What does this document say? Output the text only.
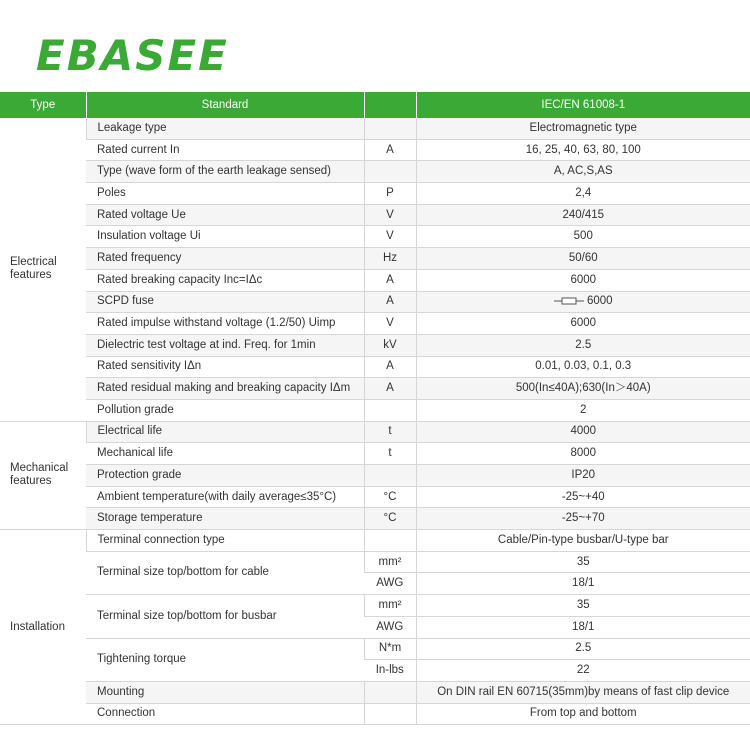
EBASEE
Type	Standard		IEC/EN 61008-1
Electrical features	Leakage type		Electromagnetic type
	Rated current In	A	16, 25, 40, 63, 80, 100
	Type (wave form of the earth leakage sensed)		A, AC,S,AS
	Poles	P	2,4
	Rated voltage Ue	V	240/415
	Insulation voltage Ui	V	500
	Rated frequency	Hz	50/60
	Rated breaking capacity Inc=IΔc	A	6000
	SCPD fuse	A	6000
	Rated impulse withstand voltage (1.2/50) Uimp	V	6000
	Dielectric test voltage at ind. Freq. for 1min	kV	2.5
	Rated sensitivity IΔn	A	0.01, 0.03, 0.1, 0.3
	Rated residual making and breaking capacity IΔm	A	500(In≤40A);630(In＞40A)
	Pollution grade		2
Mechanical features	Electrical life	t	4000
	Mechanical life	t	8000
	Protection grade		IP20
	Ambient temperature(with daily average≤35°C)	°C	-25~+40
	Storage temperature	°C	-25~+70
Installation	Terminal connection type		Cable/Pin-type busbar/U-type bar
	Terminal size top/bottom for cable	mm²	35
		AWG	18/1
	Terminal size top/bottom for busbar	mm²	35
		AWG	18/1
	Tightening torque	N*m	2.5
		In-lbs	22
	Mounting		On DIN rail EN 60715(35mm)by means of fast clip device
	Connection		From top and bottom
